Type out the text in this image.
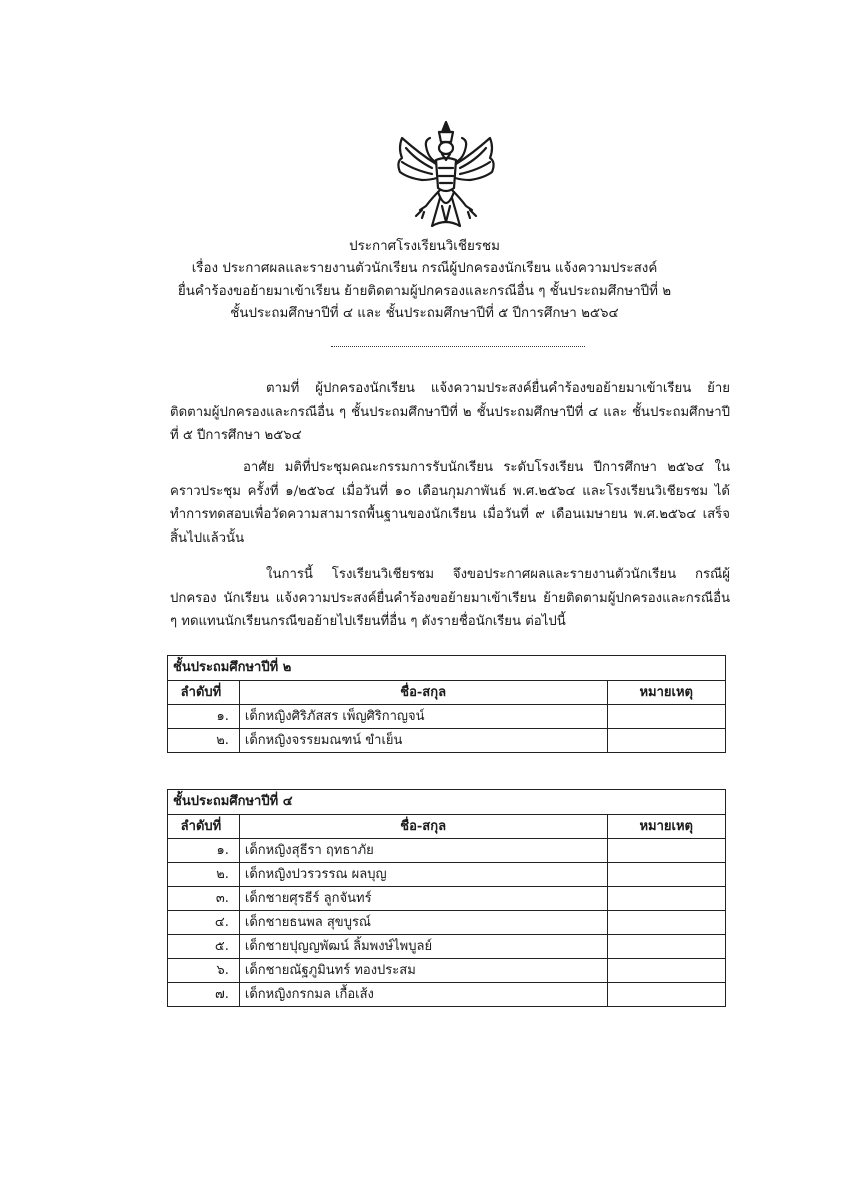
ประกาศโรงเรียนวิเชียรชม
เรื่อง ประกาศผลและรายงานตัวนักเรียน กรณีผู้ปกครองนักเรียน แจ้งความประสงค์
ยื่นคำร้องขอย้ายมาเข้าเรียน ย้ายติดตามผู้ปกครองและกรณีอื่น ๆ ชั้นประถมศึกษาปีที่ ๒
ชั้นประถมศึกษาปีที่ ๔ และ ชั้นประถมศึกษาปีที่ ๕ ปีการศึกษา ๒๕๖๔

ตามที่ ผู้ปกครองนักเรียน แจ้งความประสงค์ยื่นคำร้องขอย้ายมาเข้าเรียน ย้ายติดตามผู้ปกครองและกรณีอื่น ๆ ชั้นประถมศึกษาปีที่ ๒ ชั้นประถมศึกษาปีที่ ๔ และ ชั้นประถมศึกษาปีที่ ๕ ปีการศึกษา ๒๕๖๔

อาศัย มติที่ประชุมคณะกรรมการรับนักเรียน ระดับโรงเรียน ปีการศึกษา ๒๕๖๔ ในคราวประชุม ครั้งที่ ๑/๒๕๖๔ เมื่อวันที่ ๑๐ เดือนกุมภาพันธ์ พ.ศ.๒๕๖๔ และโรงเรียนวิเชียรชม ได้ทำการทดสอบเพื่อวัดความสามารถพื้นฐานของนักเรียน เมื่อวันที่ ๙ เดือนเมษายน พ.ศ.๒๕๖๔ เสร็จสิ้นไปแล้วนั้น

ในการนี้ โรงเรียนวิเชียรชม จึงขอประกาศผลและรายงานตัวนักเรียน กรณีผู้ปกครอง นักเรียน แจ้งความประสงค์ยื่นคำร้องขอย้ายมาเข้าเรียน ย้ายติดตามผู้ปกครองและกรณีอื่น ๆ ทดแทนนักเรียนกรณีขอย้ายไปเรียนที่อื่น ๆ ดังรายชื่อนักเรียน ต่อไปนี้

ชั้นประถมศึกษาปีที่ ๒		
ลำดับที่	ชื่อ-สกุล	หมายเหตุ
๑.	เด็กหญิงศิริภัสสร เพ็ญศิริกาญจน์	
๒.	เด็กหญิงจรรยมณฑน์ ขำเย็น	
ชั้นประถมศึกษาปีที่ ๔		
ลำดับที่	ชื่อ-สกุล	หมายเหตุ
๑.	เด็กหญิงสุธีรา ฤทธาภัย	
๒.	เด็กหญิงปวรวรรณ ผลบุญ	
๓.	เด็กชายศุรธีร์ ลูกจันทร์	
๔.	เด็กชายธนพล สุขบูรณ์	
๕.	เด็กชายปุญญพัฒน์ ลิ้มพงษ์ไพบูลย์	
๖.	เด็กชายณัฐภูมินทร์ ทองประสม	
๗.	เด็กหญิงกรกมล เกื้อเส้ง	
